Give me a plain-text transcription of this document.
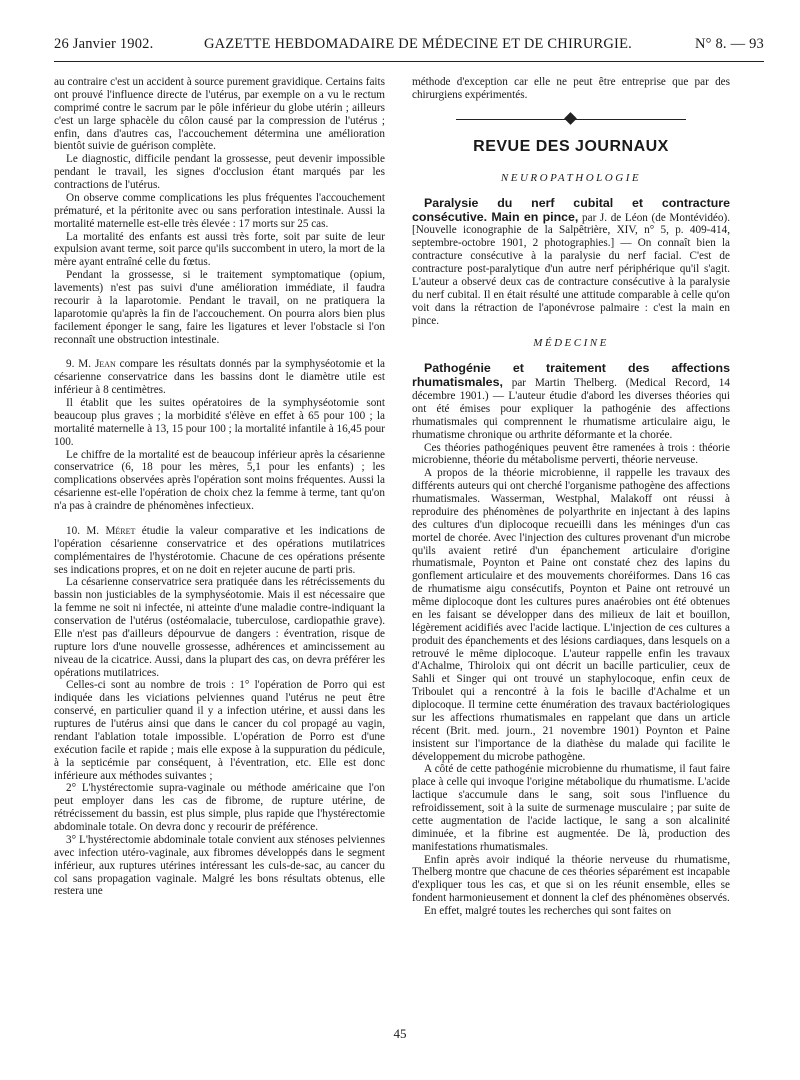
26 Janvier 1902.	GAZETTE HEBDOMADAIRE DE MÉDECINE ET DE CHIRURGIE.	N° 8. — 93

au contraire c'est un accident à source purement gravidique. Certains faits ont prouvé l'influence directe de l'utérus, par exemple on a vu le rectum comprimé contre le sacrum par le pôle inférieur du globe utérin ; ailleurs c'est un large sphacèle du côlon causé par la compression de l'utérus ; enfin, dans d'autres cas, l'accouchement détermina une amélioration bientôt suivie de guérison complète.

Le diagnostic, difficile pendant la grossesse, peut devenir impossible pendant le travail, les signes d'occlusion étant marqués par les contractions de l'utérus.

On observe comme complications les plus fréquentes l'accouchement prématuré, et la péritonite avec ou sans perforation intestinale. Aussi la mortalité maternelle est-elle très élevée : 17 morts sur 25 cas.

La mortalité des enfants est aussi très forte, soit par suite de leur expulsion avant terme, soit parce qu'ils succombent in utero, la mort de la mère ayant entraîné celle du fœtus.

Pendant la grossesse, si le traitement symptomatique (opium, lavements) n'est pas suivi d'une amélioration immédiate, il faudra recourir à la laparotomie. Pendant le travail, on ne pratiquera la laparotomie qu'après la fin de l'accouchement. On pourra alors bien plus facilement éponger le sang, faire les ligatures et lever l'obstacle si l'on reconnaît une obstruction intestinale.

9. M. Jean compare les résultats donnés par la symphyséotomie et la césarienne conservatrice dans les bassins dont le diamètre utile est inférieur à 8 centimètres.

Il établit que les suites opératoires de la symphyséotomie sont beaucoup plus graves ; la morbidité s'élève en effet à 65 pour 100 ; la mortalité maternelle à 13, 15 pour 100 ; la mortalité infantile à 16,45 pour 100.

Le chiffre de la mortalité est de beaucoup inférieur après la césarienne conservatrice (6, 18 pour les mères, 5,1 pour les enfants) ; les complications observées après l'opération sont moins fréquentes. Aussi la césarienne est-elle l'opération de choix chez la femme à terme, tant qu'on n'a pas à craindre de phénomènes infectieux.

10. M. Méret étudie la valeur comparative et les indications de l'opération césarienne conservatrice et des opérations mutilatrices complémentaires de l'hystérotomie. Chacune de ces opérations présente ses indications propres, et on ne doit en rejeter aucune de parti pris.

La césarienne conservatrice sera pratiquée dans les rétrécissements du bassin non justiciables de la symphyséotomie. Mais il est nécessaire que la femme ne soit ni infectée, ni atteinte d'une maladie contre-indiquant la conservation de l'utérus (ostéomalacie, tuberculose, cardiopathie grave). Elle n'est pas d'ailleurs dépourvue de dangers : éventration, risque de rupture lors d'une nouvelle grossesse, adhérences et amincissement au niveau de la cicatrice. Aussi, dans la plupart des cas, on devra préférer les opérations mutilatrices.

Celles-ci sont au nombre de trois : 1° l'opération de Porro qui est indiquée dans les viciations pelviennes quand l'utérus ne peut être conservé, en particulier quand il y a infection utérine, et aussi dans les ruptures de l'utérus ainsi que dans le cancer du col propagé au vagin, rendant l'ablation totale impossible. L'opération de Porro est d'une exécution facile et rapide ; mais elle expose à la suppuration du pédicule, à la septicémie par conséquent, à l'éventration, etc. Elle est donc inférieure aux méthodes suivantes ;

2° L'hystérectomie supra-vaginale ou méthode américaine que l'on peut employer dans les cas de fibrome, de rupture utérine, de rétrécissement du bassin, est plus simple, plus rapide que l'hystérectomie abdominale totale. On devra donc y recourir de préférence.

3° L'hystérectomie abdominale totale convient aux sténoses pelviennes avec infection utéro-vaginale, aux fibromes développés dans le segment inférieur, aux ruptures utérines intéressant les culs-de-sac, au cancer du col sans propagation vaginale. Malgré les bons résultats obtenus, elle restera une

méthode d'exception car elle ne peut être entreprise que par des chirurgiens expérimentés.

REVUE DES JOURNAUX
NEUROPATHOLOGIE

Paralysie du nerf cubital et contracture consécutive. Main en pince, par J. de Léon (de Montévidéo). [Nouvelle iconographie de la Salpêtrière, XIV, n° 5, p. 409-414, septembre-octobre 1901, 2 photographies.] — On connaît bien la contracture consécutive à la paralysie du nerf facial. C'est de contracture post-paralytique d'un autre nerf périphérique qu'il s'agit. L'auteur a observé deux cas de contracture consécutive à la paralysie du nerf cubital. Il en était résulté une attitude comparable à celle qu'on voit dans la rétraction de l'aponévrose palmaire : c'est la main en pince.

MÉDECINE

Pathogénie et traitement des affections rhumatismales, par Martin Thelberg. (Medical Record, 14 décembre 1901.) — L'auteur étudie d'abord les diverses théories qui ont été émises pour expliquer la pathogénie des affections rhumatismales qui comprennent le rhumatisme articulaire aigu, le rhumatisme chronique ou arthrite déformante et la chorée.

Ces théories pathogéniques peuvent être ramenées à trois : théorie microbienne, théorie du métabolisme perverti, théorie nerveuse.

A propos de la théorie microbienne, il rappelle les travaux des différents auteurs qui ont cherché l'organisme pathogène des affections rhumatismales. Wasserman, Westphal, Malakoff ont réussi à reproduire des phénomènes de polyarthrite en injectant à des lapins des cultures d'un diplocoque recueilli dans les méninges d'un cas mortel de chorée. Avec l'injection des cultures provenant d'un microbe qu'ils avaient retiré d'un épanchement articulaire d'origine rhumatismale, Poynton et Paine ont constaté chez des lapins du gonflement articulaire et des mouvements choréiformes. Dans 16 cas de rhumatisme aigu consécutifs, Poynton et Paine ont retrouvé un même diplocoque dont les cultures pures anaérobies ont été obtenues en les faisant se développer dans des milieux de lait et bouillon, légèrement acidifiés avec l'acide lactique. L'injection de ces cultures a produit des épanchements et des lésions cardiaques, dans lesquels on a retrouvé le même diplocoque. L'auteur rappelle enfin les travaux d'Achalme, Thiroloix qui ont décrit un bacille particulier, ceux de Sahli et Singer qui ont trouvé un staphylocoque, enfin ceux de Triboulet qui a rencontré à la fois le bacille d'Achalme et un diplocoque. Il termine cette énumération des travaux bactériologiques sur les affections rhumatismales en rappelant que dans un article récent (Brit. med. journ., 21 novembre 1901) Poynton et Paine insistent sur l'importance de la diathèse du malade qui facilite le développement du microbe pathogène.

A côté de cette pathogénie microbienne du rhumatisme, il faut faire place à celle qui invoque l'origine métabolique du rhumatisme. L'acide lactique s'accumule dans le sang, soit sous l'influence du refroidissement, soit à la suite de surmenage musculaire ; par suite de cette augmentation de l'acide lactique, le sang a son alcalinité diminuée, et la fibrine est augmentée. De là, production des manifestations rhumatismales.

Enfin après avoir indiqué la théorie nerveuse du rhumatisme, Thelberg montre que chacune de ces théories séparément est incapable d'expliquer tous les cas, et que si on les réunit ensemble, elles se fondent harmonieusement et donnent la clef des phénomènes observés.

En effet, malgré toutes les recherches qui sont faites on

45
